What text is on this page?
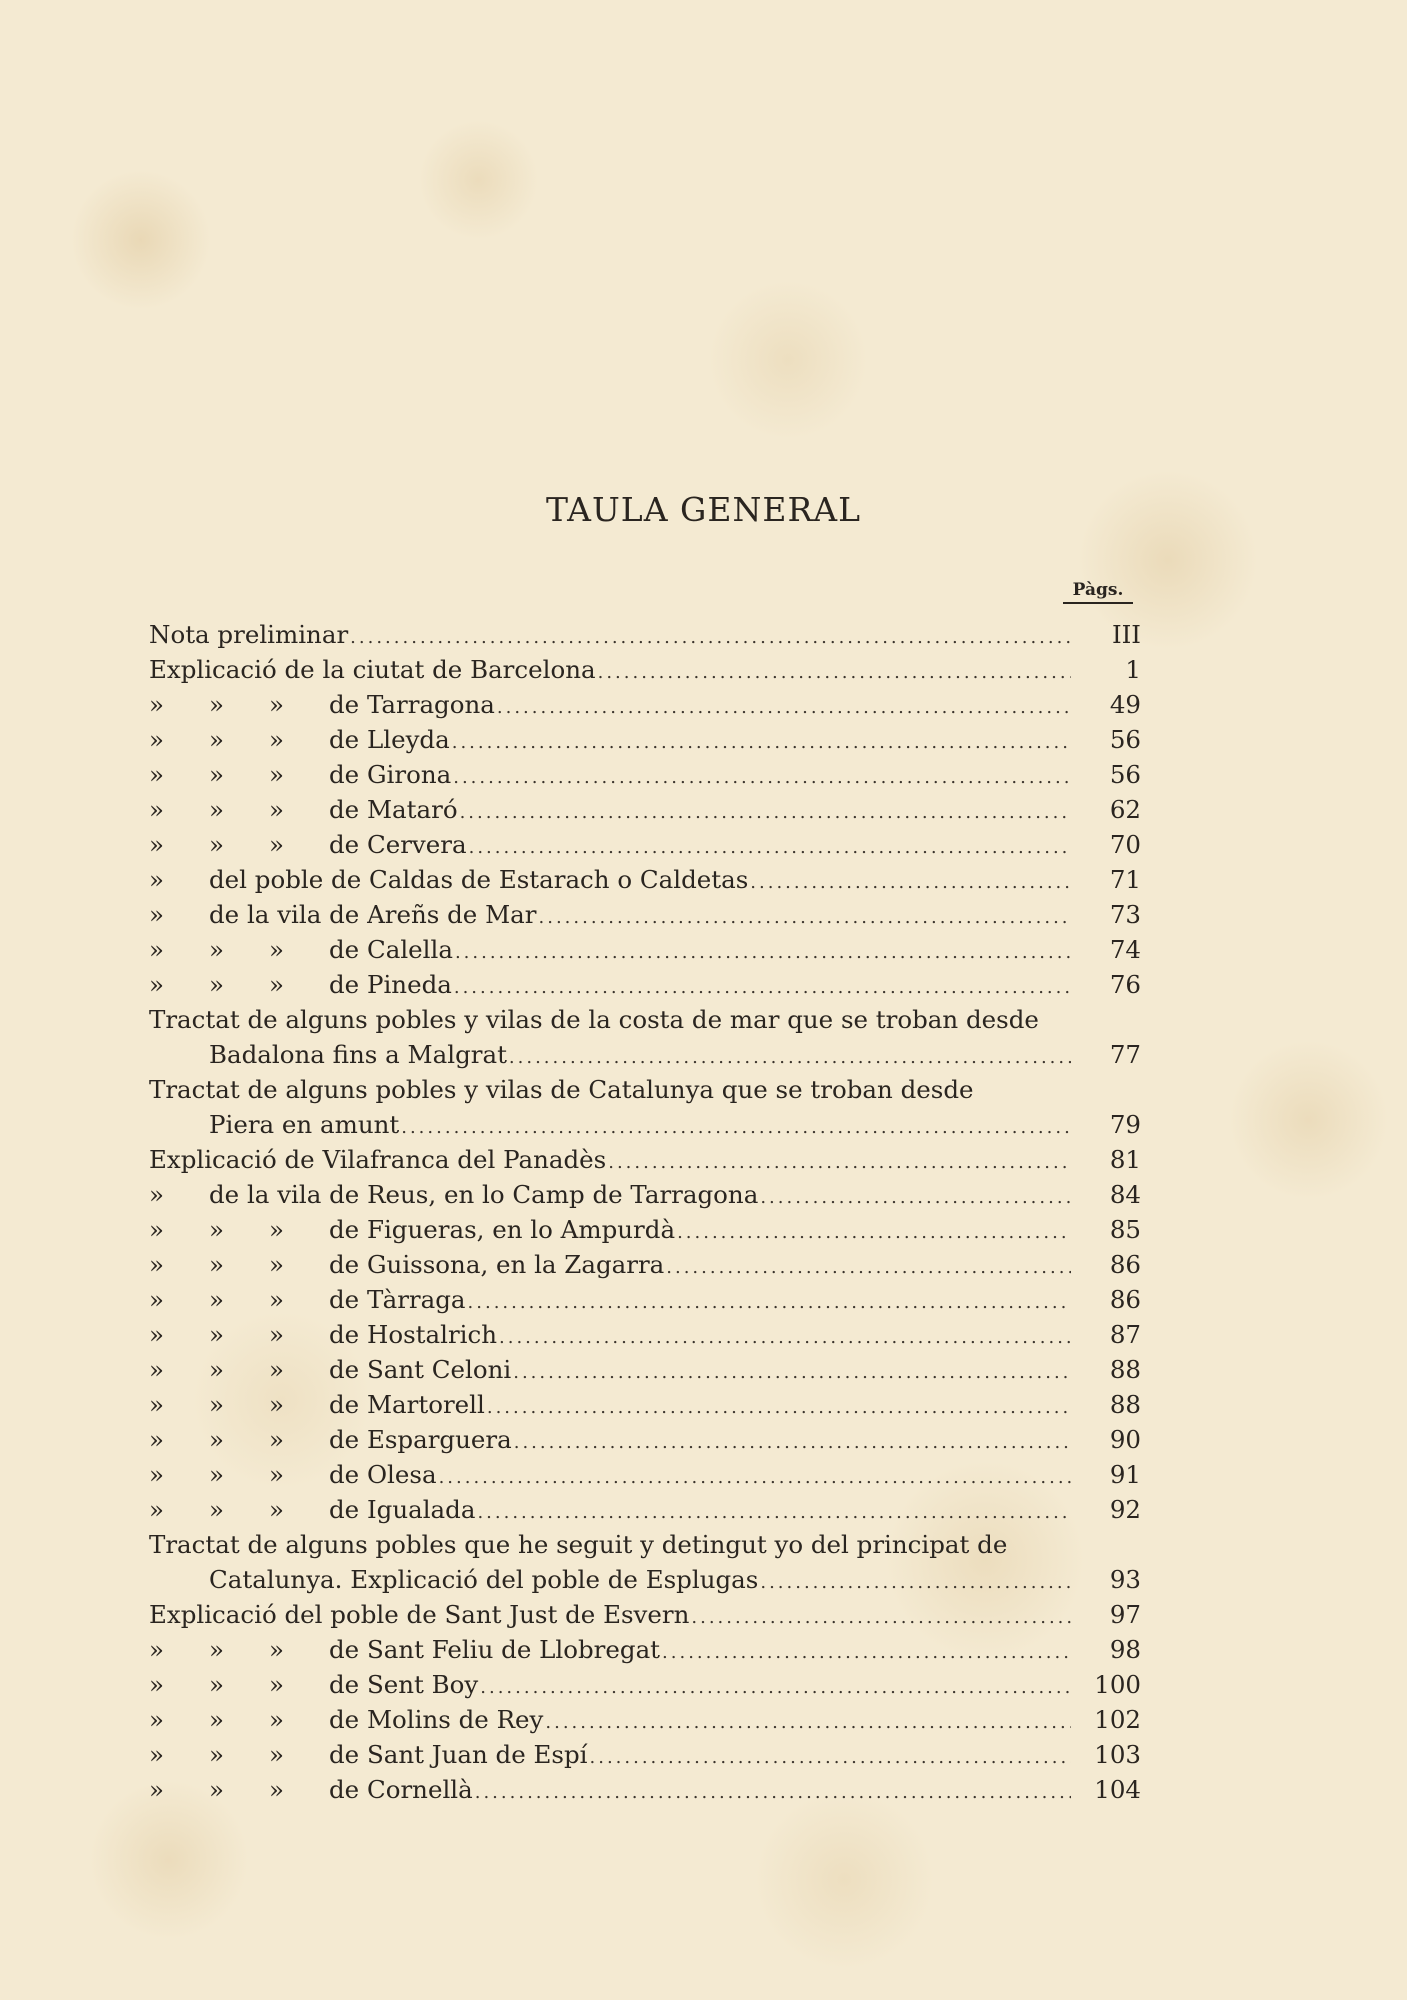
TAULA GENERAL
Pàgs.
Nota preliminar .....	III
Explicació de la ciutat de Barcelona .....	1
»	»	»	de Tarragona .....	49
»	»	»	de Lleyda .....	56
»	»	»	de Girona .....	56
»	»	»	de Mataró .....	62
»	»	»	de Cervera .....	70
»	del poble de Caldas de Estarach o Caldetas .....	71
»	de la vila de Areñs de Mar .....	73
»	»	»	de Calella .....	74
»	»	»	de Pineda .....	76
Tractat de alguns pobles y vilas de la costa de mar que se troban desde
Badalona fins a Malgrat .....	77
Tractat de alguns pobles y vilas de Catalunya que se troban desde
Piera en amunt .....	79
Explicació de Vilafranca del Panadès .....	81
»	de la vila de Reus, en lo Camp de Tarragona .....	84
»	»	»	de Figueras, en lo Ampurdà .....	85
»	»	»	de Guissona, en la Zagarra .....	86
»	»	»	de Tàrraga .....	86
»	»	»	de Hostalrich .....	87
»	»	»	de Sant Celoni .....	88
»	»	»	de Martorell .....	88
»	»	»	de Esparguera .....	90
»	»	»	de Olesa .....	91
»	»	»	de Igualada .....	92
Tractat de alguns pobles que he seguit y detingut yo del principat de
Catalunya. Explicació del poble de Esplugas .....	93
Explicació del poble de Sant Just de Esvern .....	97
»	»	»	de Sant Feliu de Llobregat .....	98
»	»	»	de Sent Boy .....	100
»	»	»	de Molins de Rey .....	102
»	»	»	de Sant Juan de Espí .....	103
»	»	»	de Cornellà .....	104
